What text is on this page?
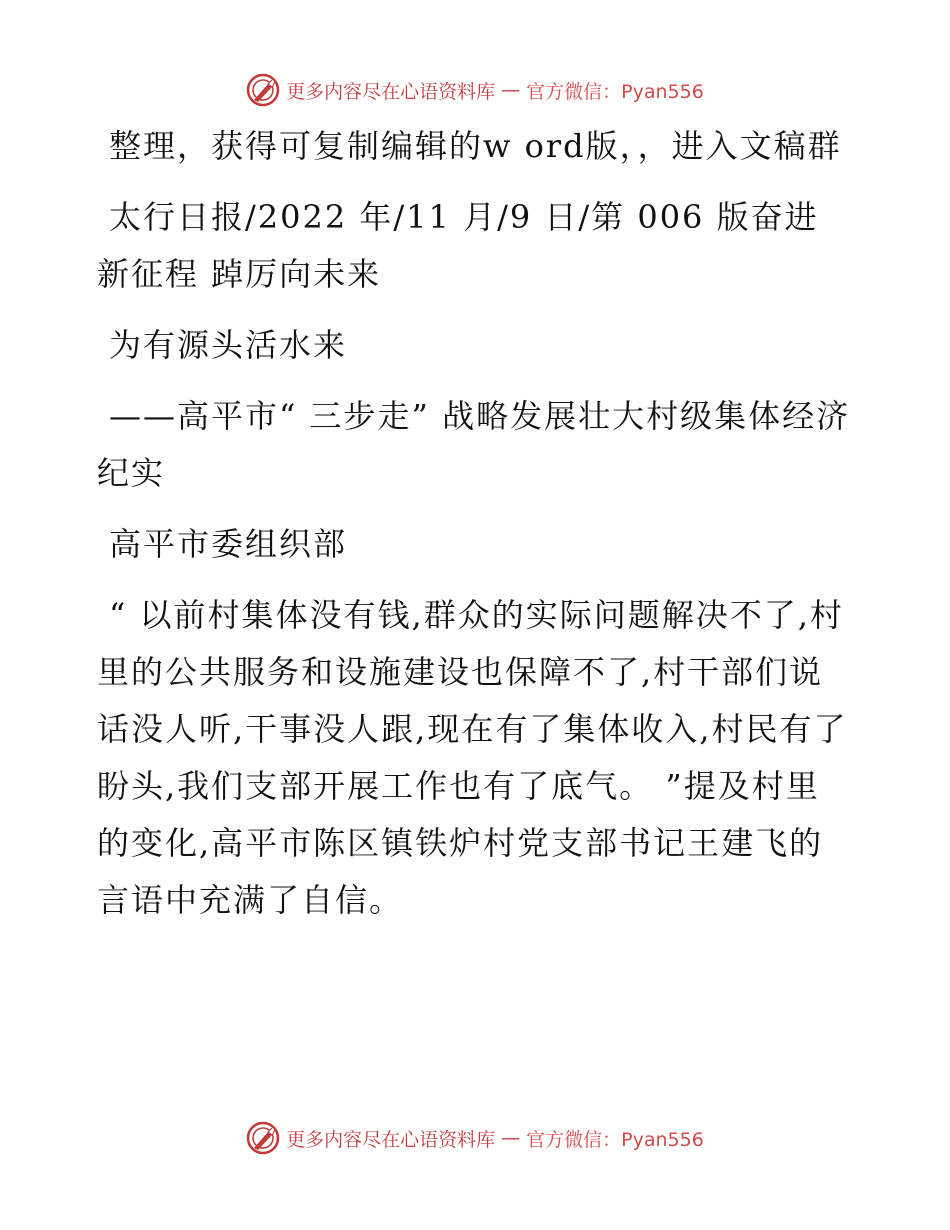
更多内容尽在心语资料库 — 官方微信：Pyan556

整理，获得可复制编辑的w ord版，，进入文稿群

太行日报/2022 年/11 月/9 日/第 006 版奋进新征程 踔厉向未来

为有源头活水来

——高平市“ 三步走” 战略发展壮大村级集体经济纪实

高平市委组织部

“ 以前村集体没有钱,群众的实际问题解决不了,村里的公共服务和设施建设也保障不了,村干部们说话没人听,干事没人跟,现在有了集体收入,村民有了盼头,我们支部开展工作也有了底气。 ”提及村里的变化,高平市陈区镇铁炉村党支部书记王建飞的言语中充满了自信。

更多内容尽在心语资料库 — 官方微信：Pyan556
